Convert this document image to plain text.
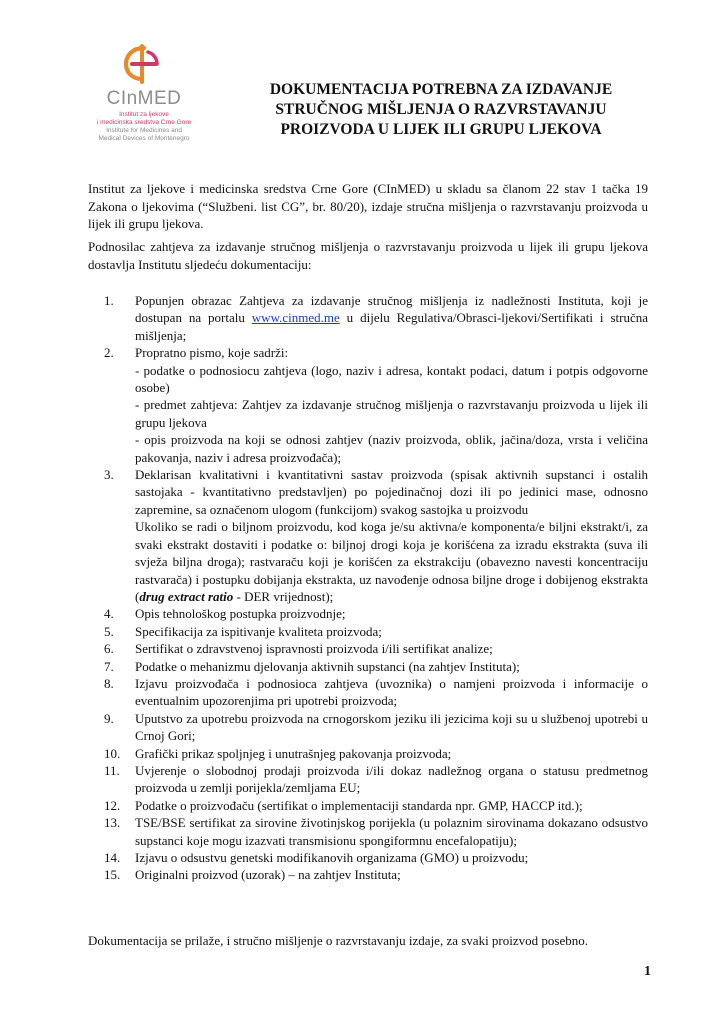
CInMED
Institut za ljekove
i medicinska sredstva Crne Gore
Institute for Medicines and
Medical Devices of Montenegro
DOKUMENTACIJA POTREBNA ZA IZDAVANJE
STRUČNOG MIŠLJENJA O RAZVRSTAVANJU
PROIZVODA U LIJEK ILI GRUPU LJEKOVA
Institut za ljekove i medicinska sredstva Crne Gore (CInMED) u skladu sa članom 22 stav 1 tačka 19 Zakona o ljekovima (“Službeni. list CG”, br. 80/20), izdaje stručna mišljenja o razvrstavanju proizvoda u lijek ili grupu ljekova.
Podnosilac zahtjeva za izdavanje stručnog mišljenja o razvrstavanju proizvoda u lijek ili grupu ljekova dostavlja Institutu sljedeću dokumentaciju:
1.	Popunjen obrazac Zahtjeva za izdavanje stručnog mišljenja iz nadležnosti Instituta, koji je dostupan na portalu www.cinmed.me u dijelu Regulativa/Obrasci-ljekovi/Sertifikati i stručna mišljenja;
2.	Propratno pismo, koje sadrži:
- podatke o podnosiocu zahtjeva (logo, naziv i adresa, kontakt podaci, datum i potpis odgovorne osobe)
- predmet zahtjeva: Zahtjev za izdavanje stručnog mišljenja o razvrstavanju proizvoda u lijek ili grupu ljekova
- opis proizvoda na koji se odnosi zahtjev (naziv proizvoda, oblik, jačina/doza, vrsta i veličina pakovanja, naziv i adresa proizvođača);
3.	Deklarisan kvalitativni i kvantitativni sastav proizvoda (spisak aktivnih supstanci i ostalih sastojaka - kvantitativno predstavljen) po pojedinačnoj dozi ili po jedinici mase, odnosno zapremine, sa označenom ulogom (funkcijom) svakog sastojka u proizvodu
Ukoliko se radi o biljnom proizvodu, kod koga je/su aktivna/e komponenta/e biljni ekstrakt/i, za svaki ekstrakt dostaviti i podatke o: biljnoj drogi koja je korišćena za izradu ekstrakta (suva ili svježa biljna droga); rastvaraču koji je korišćen za ekstrakciju (obavezno navesti koncentraciju rastvarača) i postupku dobijanja ekstrakta, uz navođenje odnosa biljne droge i dobijenog ekstrakta (drug extract ratio - DER vrijednost);
4.	Opis tehnološkog postupka proizvodnje;
5.	Specifikacija za ispitivanje kvaliteta proizvoda;
6.	Sertifikat o zdravstvenoj ispravnosti proizvoda i/ili sertifikat analize;
7.	Podatke o mehanizmu djelovanja aktivnih supstanci (na zahtjev Instituta);
8.	Izjavu proizvođača i podnosioca zahtjeva (uvoznika) o namjeni proizvoda i informacije o eventualnim upozorenjima pri upotrebi proizvoda;
9.	Uputstvo za upotrebu proizvoda na crnogorskom jeziku ili jezicima koji su u službenoj upotrebi u Crnoj Gori;
10.	Grafički prikaz spoljnjeg i unutrašnjeg pakovanja proizvoda;
11.	Uvjerenje o slobodnoj prodaji proizvoda i/ili dokaz nadležnog organa o statusu predmetnog proizvoda u zemlji porijekla/zemljama EU;
12.	Podatke o proizvođaču (sertifikat o implementaciji standarda npr. GMP, HACCP itd.);
13.	TSE/BSE sertifikat za sirovine životinjskog porijekla (u polaznim sirovinama dokazano odsustvo supstanci koje mogu izazvati transmisionu spongiformnu encefalopatiju);
14.	Izjavu o odsustvu genetski modifikanovih organizama (GMO) u proizvodu;
15.	Originalni proizvod (uzorak) – na zahtjev Instituta;
Dokumentacija se prilaže, i stručno mišljenje o razvrstavanju izdaje, za svaki proizvod posebno.
1
